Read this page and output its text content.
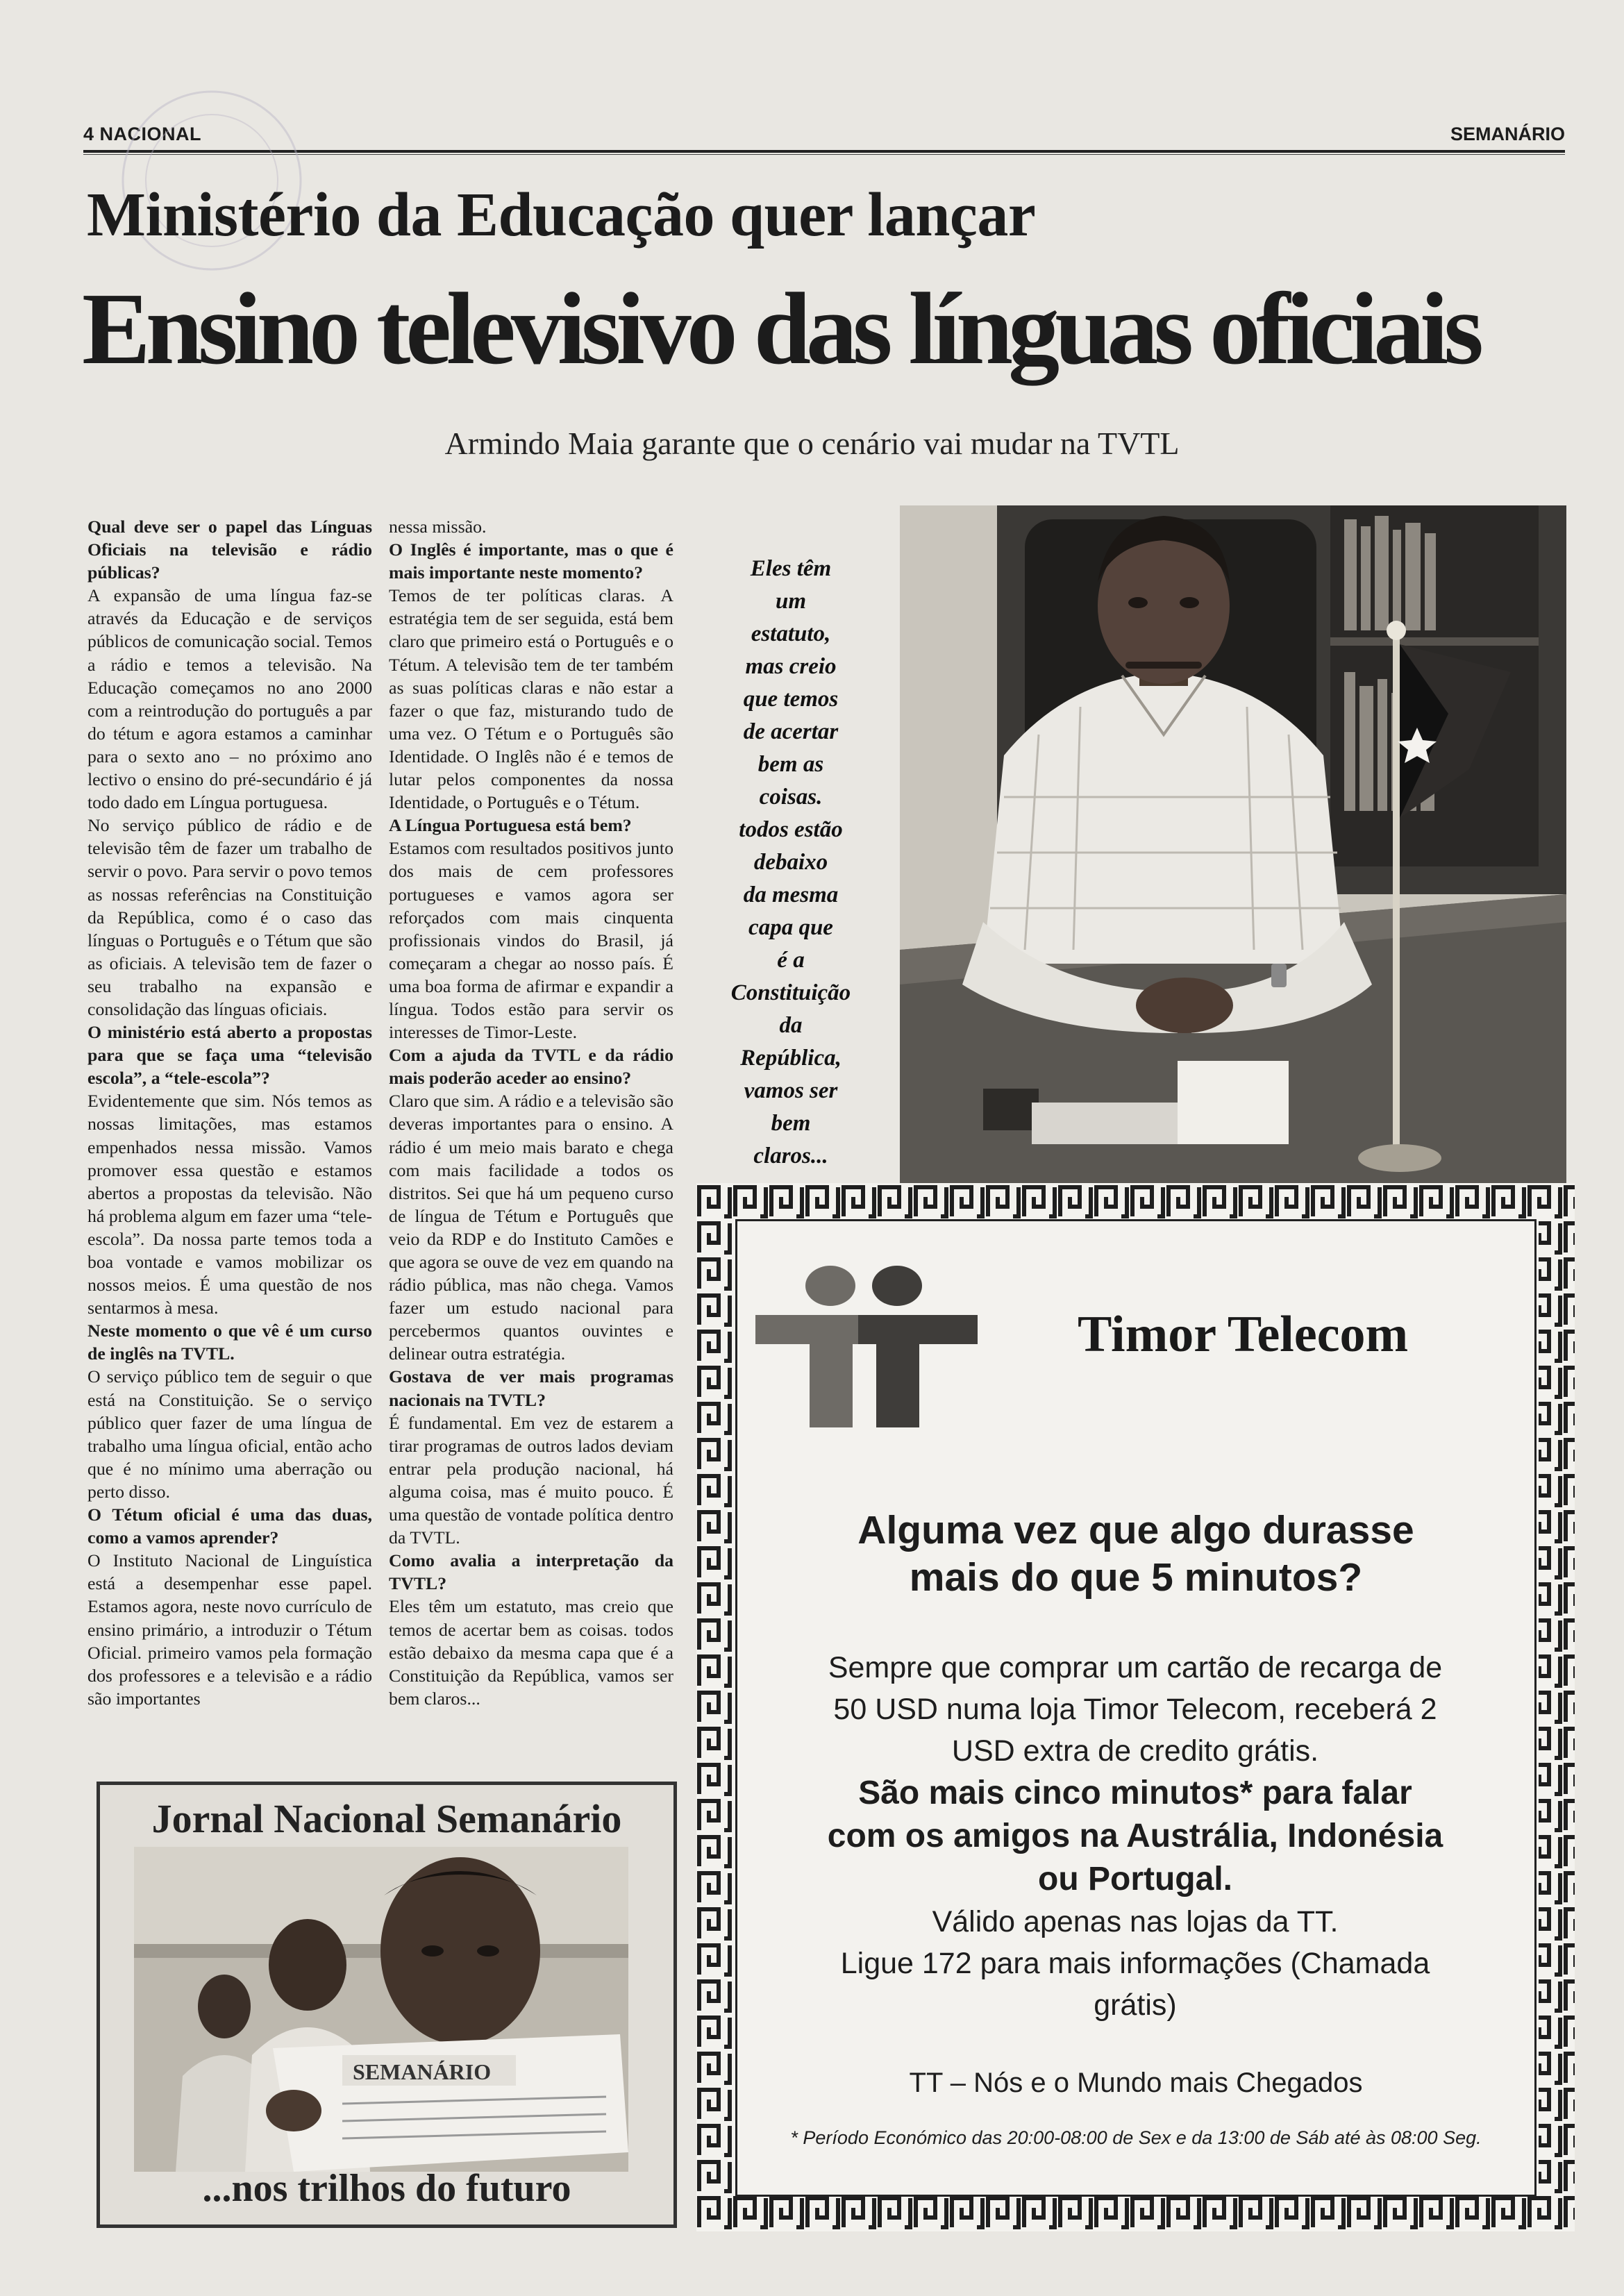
4 NACIONAL	SEMANÁRIO
Ministério da Educação quer lançar
Ensino televisivo das línguas oficiais
Armindo Maia garante que o cenário vai mudar na TVTL

Qual deve ser o papel das Línguas Oficiais na televisão e rádio públicas?

A expansão de uma língua faz-se através da Educação e de serviços públicos de comunicação social. Temos a rádio e temos a televisão. Na Educação começamos no ano 2000 com a reintrodução do português a par do tétum e agora estamos a caminhar para o sexto ano – no próximo ano lectivo o ensino do pré-secundário é já todo dado em Língua portuguesa.

No serviço público de rádio e de televisão têm de fazer um trabalho de servir o povo. Para servir o povo temos as nossas referências na Constituição da República, como é o caso das línguas o Português e o Tétum que são as oficiais. A televisão tem de fazer o seu trabalho na expansão e consolidação das línguas oficiais.

O ministério está aberto a propostas para que se faça uma “televisão escola”, a “tele-escola”?

Evidentemente que sim. Nós temos as nossas limitações, mas estamos empenhados nessa missão. Vamos promover essa questão e estamos abertos a propostas da televisão. Não há problema algum em fazer uma “tele-escola”. Da nossa parte temos toda a boa vontade e vamos mobilizar os nossos meios. É uma questão de nos sentarmos à mesa.

Neste momento o que vê é um curso de inglês na TVTL.

O serviço público tem de seguir o que está na Constituição. Se o serviço público quer fazer de uma língua de trabalho uma língua oficial, então acho que é no mínimo uma aberração ou perto disso.

O Tétum oficial é uma das duas, como a vamos aprender?

O Instituto Nacional de Linguística está a desempenhar esse papel. Estamos agora, neste novo currículo de ensino primário, a introduzir o Tétum Oficial. primeiro vamos pela formação dos professores e a televisão e a rádio são importantes

nessa missão.

O Inglês é importante, mas o que é mais importante neste momento?

Temos de ter políticas claras. A estratégia tem de ser seguida, está bem claro que primeiro está o Português e o Tétum. A televisão tem de ter também as suas políticas claras e não estar a fazer o que faz, misturando tudo de uma vez. O Tétum e o Português são Identidade. O Inglês não é e temos de lutar pelos componentes da nossa Identidade, o Português e o Tétum.

A Língua Portuguesa está bem?

Estamos com resultados positivos junto dos mais de cem professores portugueses e vamos agora ser reforçados com mais cinquenta profissionais vindos do Brasil, já começaram a chegar ao nosso país. É uma boa forma de afirmar e expandir a língua. Todos estão para servir os interesses de Timor-Leste.

Com a ajuda da TVTL e da rádio mais poderão aceder ao ensino?

Claro que sim. A rádio e a televisão são deveras importantes para o ensino. A rádio é um meio mais barato e chega com mais facilidade a todos os distritos. Sei que há um pequeno curso de língua de Tétum e Português que veio da RDP e do Instituto Camões e que agora se ouve de vez em quando na rádio pública, mas não chega. Vamos fazer um estudo nacional para percebermos quantos ouvintes e delinear outra estratégia.

Gostava de ver mais programas nacionais na TVTL?

É fundamental. Em vez de estarem a tirar programas de outros lados deviam entrar pela produção nacional, há alguma coisa, mas é muito pouco. É uma questão de vontade política dentro da TVTL.

Como avalia a interpretação da TVTL?

Eles têm um estatuto, mas creio que temos de acertar bem as coisas. todos estão debaixo da mesma capa que é a Constituição da República, vamos ser bem claros...

Eles têm
um
estatuto,
mas creio
que temos
de acertar
bem as
coisas.
todos estão
debaixo
da mesma
capa que
é a
Constituição
da
República,
vamos ser
bem
claros...
Timor Telecom
Alguma vez que algo durasse
mais do que 5 minutos?
Sempre que comprar um cartão de recarga de
50 USD numa loja Timor Telecom, receberá 2
USD extra de credito grátis.
São mais cinco minutos* para falar
com os amigos na Austrália, Indonésia
ou Portugal.
Válido apenas nas lojas da TT.
Ligue 172 para mais informações (Chamada
grátis)
TT – Nós e o Mundo mais Chegados
* Período Económico das 20:00-08:00 de Sex e da 13:00 de Sáb até às 08:00 Seg.
Jornal Nacional Semanário
SEMANÁRIO
...nos trilhos do futuro
